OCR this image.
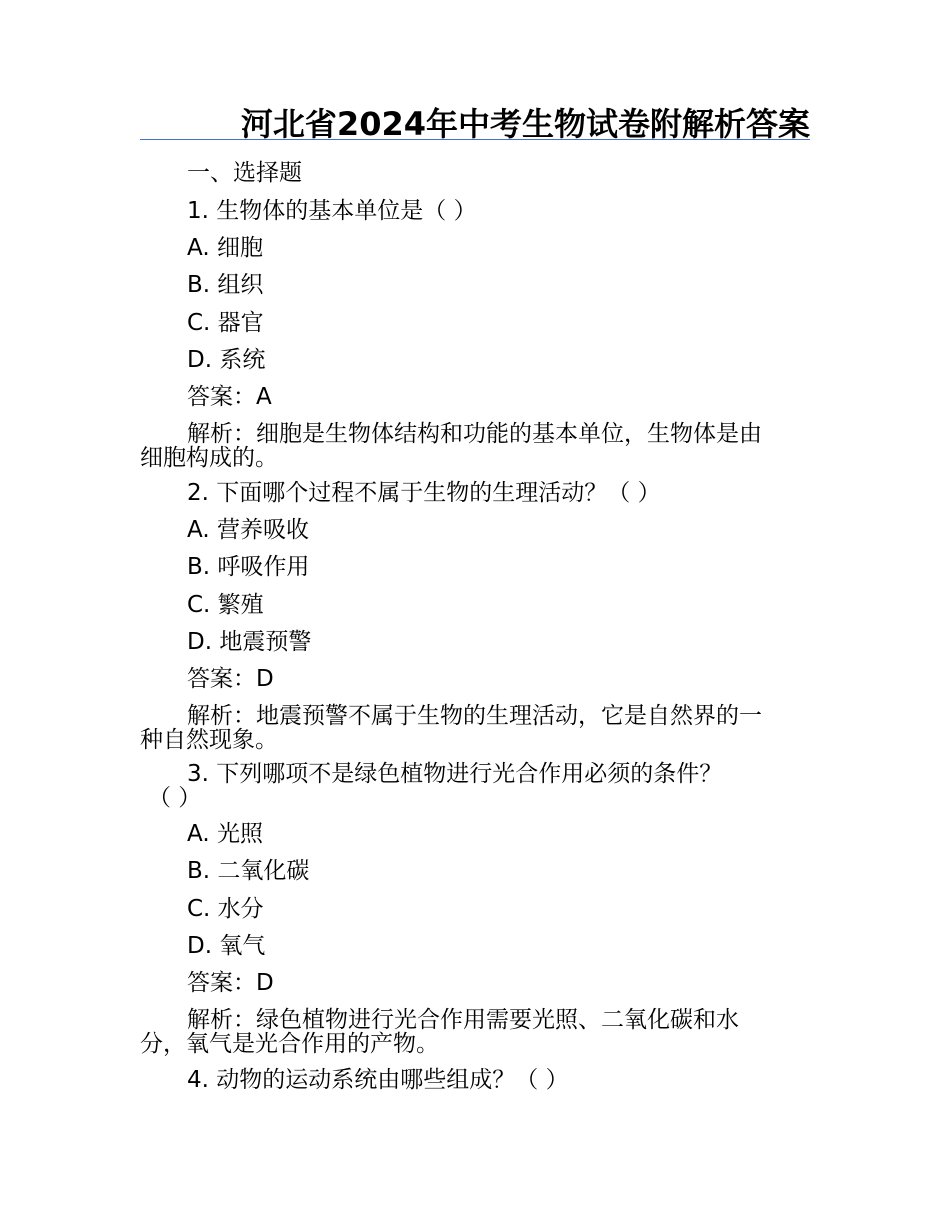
河北省2024年中考生物试卷附解析答案
一、选择题
1. 生物体的基本单位是（ ）
A. 细胞
B. 组织
C. 器官
D. 系统
答案：A
解析：细胞是生物体结构和功能的基本单位，生物体是由
细胞构成的。
2. 下面哪个过程不属于生物的生理活动？（ ）
A. 营养吸收
B. 呼吸作用
C. 繁殖
D. 地震预警
答案：D
解析：地震预警不属于生物的生理活动，它是自然界的一
种自然现象。
3. 下列哪项不是绿色植物进行光合作用必须的条件？
（ ）
A. 光照
B. 二氧化碳
C. 水分
D. 氧气
答案：D
解析：绿色植物进行光合作用需要光照、二氧化碳和水
分，氧气是光合作用的产物。
4. 动物的运动系统由哪些组成？（ ）
